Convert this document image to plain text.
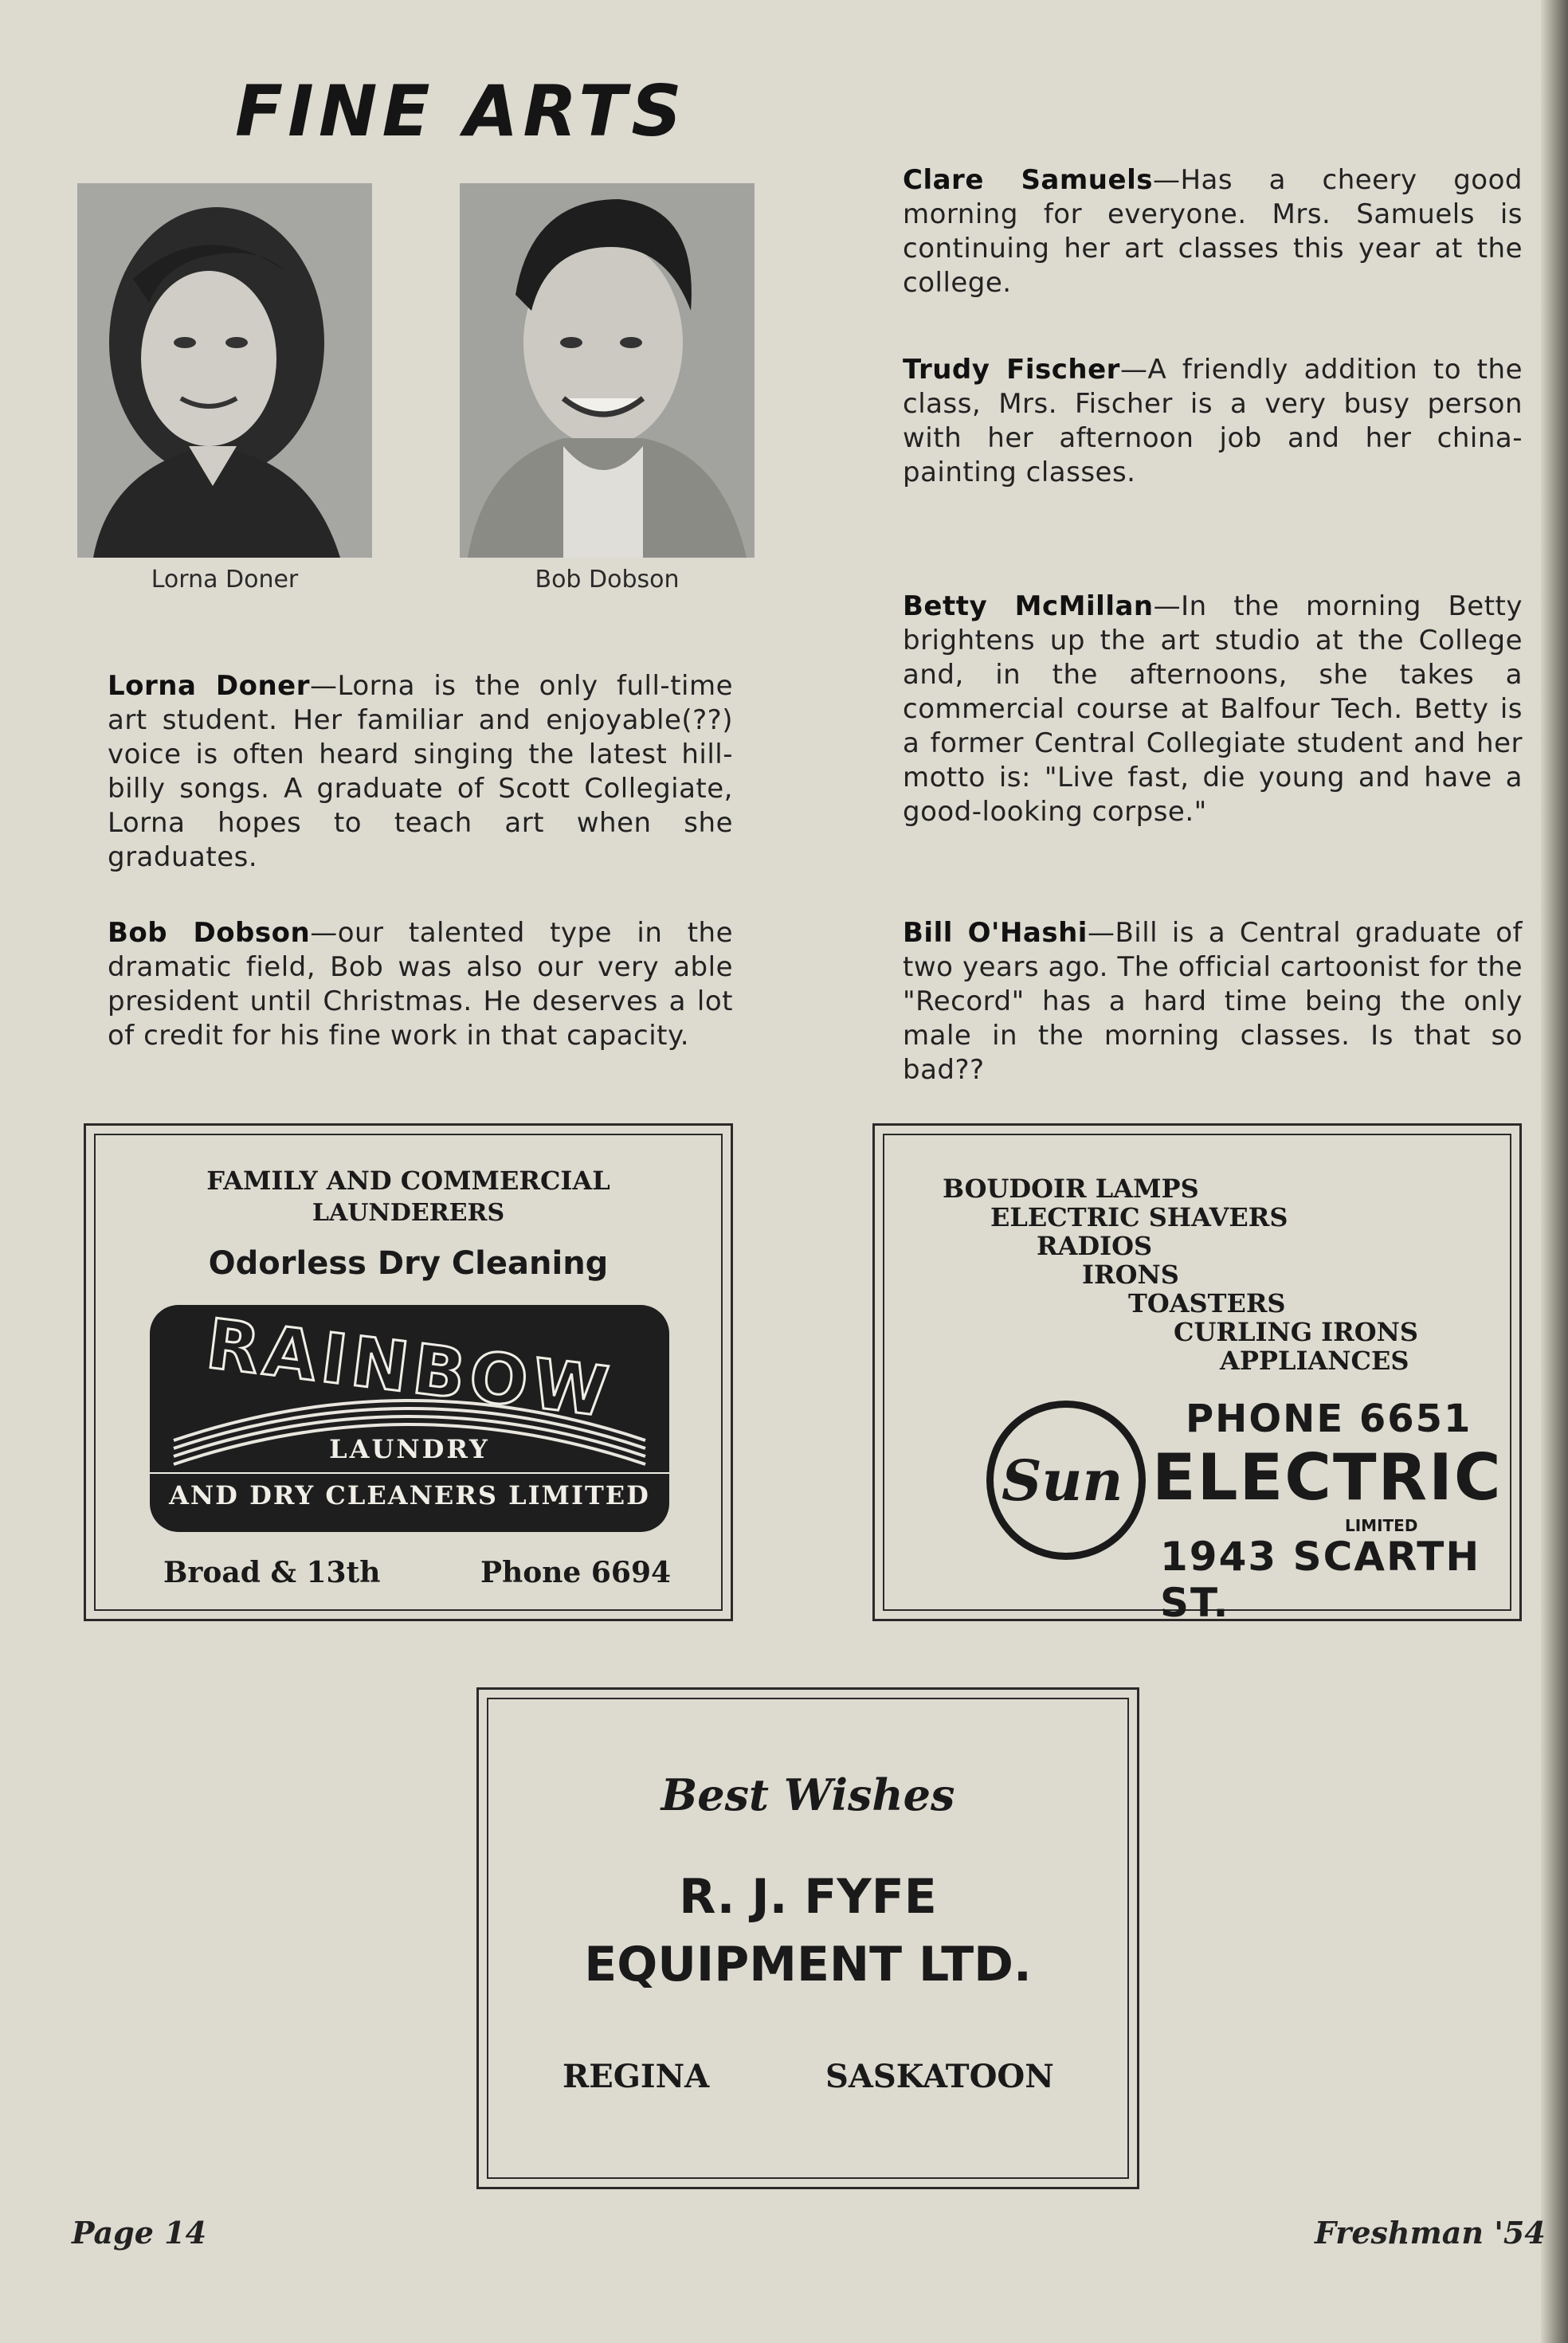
FINE ARTS
Lorna Doner	Bob Dobson
Lorna Doner—Lorna is the only full-time art student. Her familiar and enjoyable(??) voice is often heard singing the latest hill-billy songs. A graduate of Scott Collegiate, Lorna hopes to teach art when she graduates.
Bob Dobson—our talented type in the dramatic field, Bob was also our very able president until Christmas. He deserves a lot of credit for his fine work in that capacity.
Clare Samuels—Has a cheery good morning for everyone. Mrs. Samuels is continuing her art classes this year at the college.
Trudy Fischer—A friendly addition to the class, Mrs. Fischer is a very busy person with her afternoon job and her china-painting classes.
Betty McMillan—In the morning Betty brightens up the art studio at the College and, in the afternoons, she takes a commercial course at Balfour Tech. Betty is a former Central Collegiate student and her motto is: "Live fast, die young and have a good-looking corpse."
Bill O'Hashi—Bill is a Central graduate of two years ago. The official cartoonist for the "Record" has a hard time being the only male in the morning classes. Is that so bad??
FAMILY AND COMMERCIAL
LAUNDERERS
Odorless Dry Cleaning
RAINBOW
LAUNDRY
AND DRY CLEANERS LIMITED
Broad & 13th	Phone 6694
BOUDOIR LAMPS
ELECTRIC SHAVERS
RADIOS
IRONS
TOASTERS
CURLING IRONS
APPLIANCES
Sun
PHONE 6651
ELECTRIC
LIMITED
1943 SCARTH ST.
Best Wishes
R. J. FYFE
EQUIPMENT LTD.
REGINA	SASKATOON
Page 14	Freshman '54
